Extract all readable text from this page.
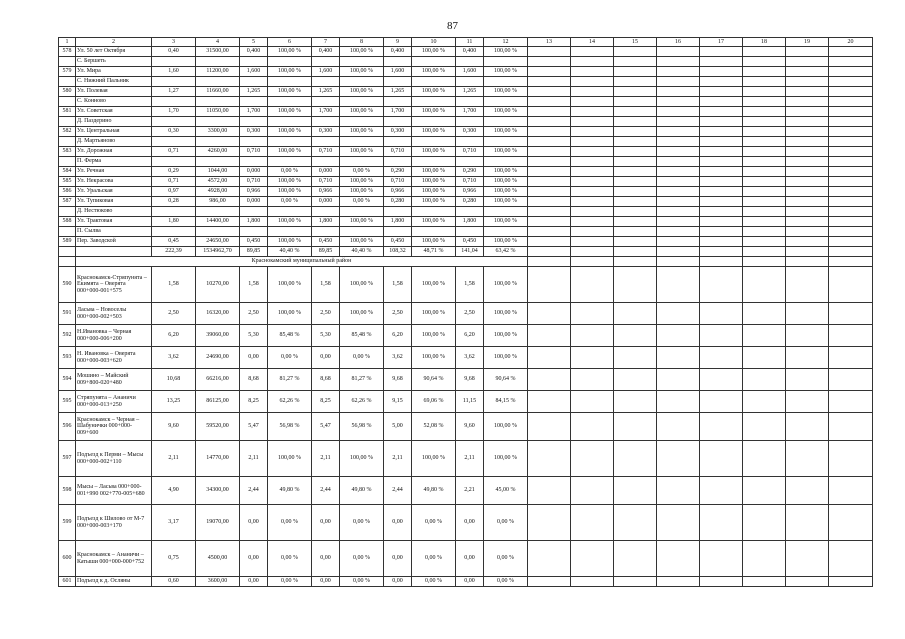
87
1	2	3	4	5	6	7	8	9	10	11	12	13	14	15	16	17	18	19	20
578	Ул. 50 лет Октября	0,40	31500,00	0,400	100,00 %	0,400	100,00 %	0,400	100,00 %	0,400	100,00 %								
	С. Бершеть																		
579	Ул. Мира	1,60	11200,00	1,600	100,00 %	1,600	100,00 %	1,600	100,00 %	1,600	100,00 %								
	С. Нижний Пальник																		
580	Ул. Полевая	1,27	11660,00	1,265	100,00 %	1,265	100,00 %	1,265	100,00 %	1,265	100,00 %								
	С. Конново																		
581	Ул. Советская	1,70	11050,00	1,700	100,00 %	1,700	100,00 %	1,700	100,00 %	1,700	100,00 %								
	Д. Паздерино																		
582	Ул. Центральная	0,30	3300,00	0,300	100,00 %	0,300	100,00 %	0,300	100,00 %	0,300	100,00 %								
	Д. Мартьяново																		
583	Ул. Дорожная	0,71	4260,00	0,710	100,00 %	0,710	100,00 %	0,710	100,00 %	0,710	100,00 %								
	П. Ферма																		
584	Ул. Речная	0,29	1044,00	0,000	0,00 %	0,000	0,00 %	0,290	100,00 %	0,290	100,00 %								
585	Ул. Некрасова	0,71	4572,00	0,710	100,00 %	0,710	100,00 %	0,710	100,00 %	0,710	100,00 %								
586	Ул. Уральская	0,97	4928,00	0,966	100,00 %	0,966	100,00 %	0,966	100,00 %	0,966	100,00 %								
587	Ул. Тупиковая	0,28	986,00	0,000	0,00 %	0,000	0,00 %	0,280	100,00 %	0,280	100,00 %								
	Д. Нестюково																		
588	Ул. Трактовая	1,80	14400,00	1,800	100,00 %	1,800	100,00 %	1,800	100,00 %	1,800	100,00 %								
	П. Сылва																		
589	Пер. Заводской	0,45	24650,00	0,450	100,00 %	0,450	100,00 %	0,450	100,00 %	0,450	100,00 %								
		222,39	1534962,70	89,85	40,40 %	89,85	40,40 %	108,32	48,71 %	141,04	63,42 %								
	Краснокамский муниципальный район																		
590	Краснокамск-Стряпунята – Екимята – Оверята 000+000-001+575	1,58	10270,00	1,58	100,00 %	1,58	100,00 %	1,58	100,00 %	1,58	100,00 %								
591	Ласьва – Новоселы 000+000-002+503	2,50	16320,00	2,50	100,00 %	2,50	100,00 %	2,50	100,00 %	2,50	100,00 %								
592	Н.Ивановка – Черная 000+000-006+200	6,20	39060,00	5,30	85,48 %	5,30	85,48 %	6,20	100,00 %	6,20	100,00 %								
593	Н. Ивановка – Оверята 000+000-003+620	3,62	24690,00	0,00	0,00 %	0,00	0,00 %	3,62	100,00 %	3,62	100,00 %								
594	Мошино – Майский 009+800-020+480	10,68	66216,00	8,68	81,27 %	8,68	81,27 %	9,68	90,64 %	9,68	90,64 %								
595	Стряпунята – Ананичи 000+000-013+250	13,25	86125,00	8,25	62,26 %	8,25	62,26 %	9,15	69,06 %	11,15	84,15 %								
596	Краснокамск – Черная – Шабунички 000+000-009+600	9,60	59520,00	5,47	56,98 %	5,47	56,98 %	5,00	52,08 %	9,60	100,00 %								
597	Подъезд к Перми – Мысы 000+000-002+110	2,11	14770,00	2,11	100,00 %	2,11	100,00 %	2,11	100,00 %	2,11	100,00 %								
598	Мысы – Ласьва 000+000-001+990 002+770-005+680	4,90	34300,00	2,44	49,80 %	2,44	49,80 %	2,44	49,80 %	2,21	45,00 %								
599	Подъезд к Шилово от М-7 000+000-003+170	3,17	19070,00	0,00	0,00 %	0,00	0,00 %	0,00	0,00 %	0,00	0,00 %								
600	Краснокамск – Ананичи – Катыши 000+000-000+752	0,75	4500,00	0,00	0,00 %	0,00	0,00 %	0,00	0,00 %	0,00	0,00 %								
601	Подъезд к д. Осляны	0,60	3600,00	0,00	0,00 %	0,00	0,00 %	0,00	0,00 %	0,00	0,00 %								
